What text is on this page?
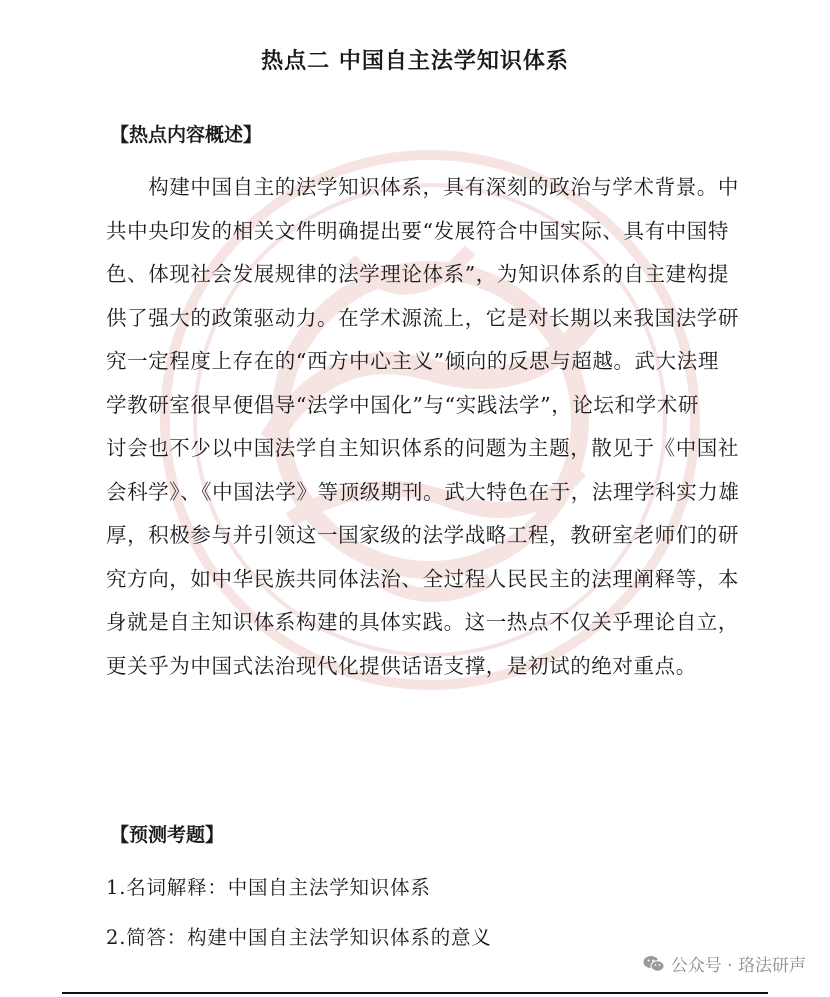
热点二 中国自主法学知识体系
【热点内容概述】
　　构建中国自主的法学知识体系，具有深刻的政治与学术背景。中
共中央印发的相关文件明确提出要“发展符合中国实际、具有中国特
色、体现社会发展规律的法学理论体系”，为知识体系的自主建构提
供了强大的政策驱动力。在学术源流上，它是对长期以来我国法学研
究一定程度上存在的“西方中心主义”倾向的反思与超越。武大法理
学教研室很早便倡导“法学中国化”与“实践法学”，论坛和学术研
讨会也不少以中国法学自主知识体系的问题为主题，散见于《中国社
会科学》、《中国法学》等顶级期刊。武大特色在于，法理学科实力雄
厚，积极参与并引领这一国家级的法学战略工程，教研室老师们的研
究方向，如中华民族共同体法治、全过程人民民主的法理阐释等，本
身就是自主知识体系构建的具体实践。这一热点不仅关乎理论自立，
更关乎为中国式法治现代化提供话语支撑，是初试的绝对重点。
【预测考题】
1.名词解释：中国自主法学知识体系
2.简答：构建中国自主法学知识体系的意义
公众号 · 珞法研声
